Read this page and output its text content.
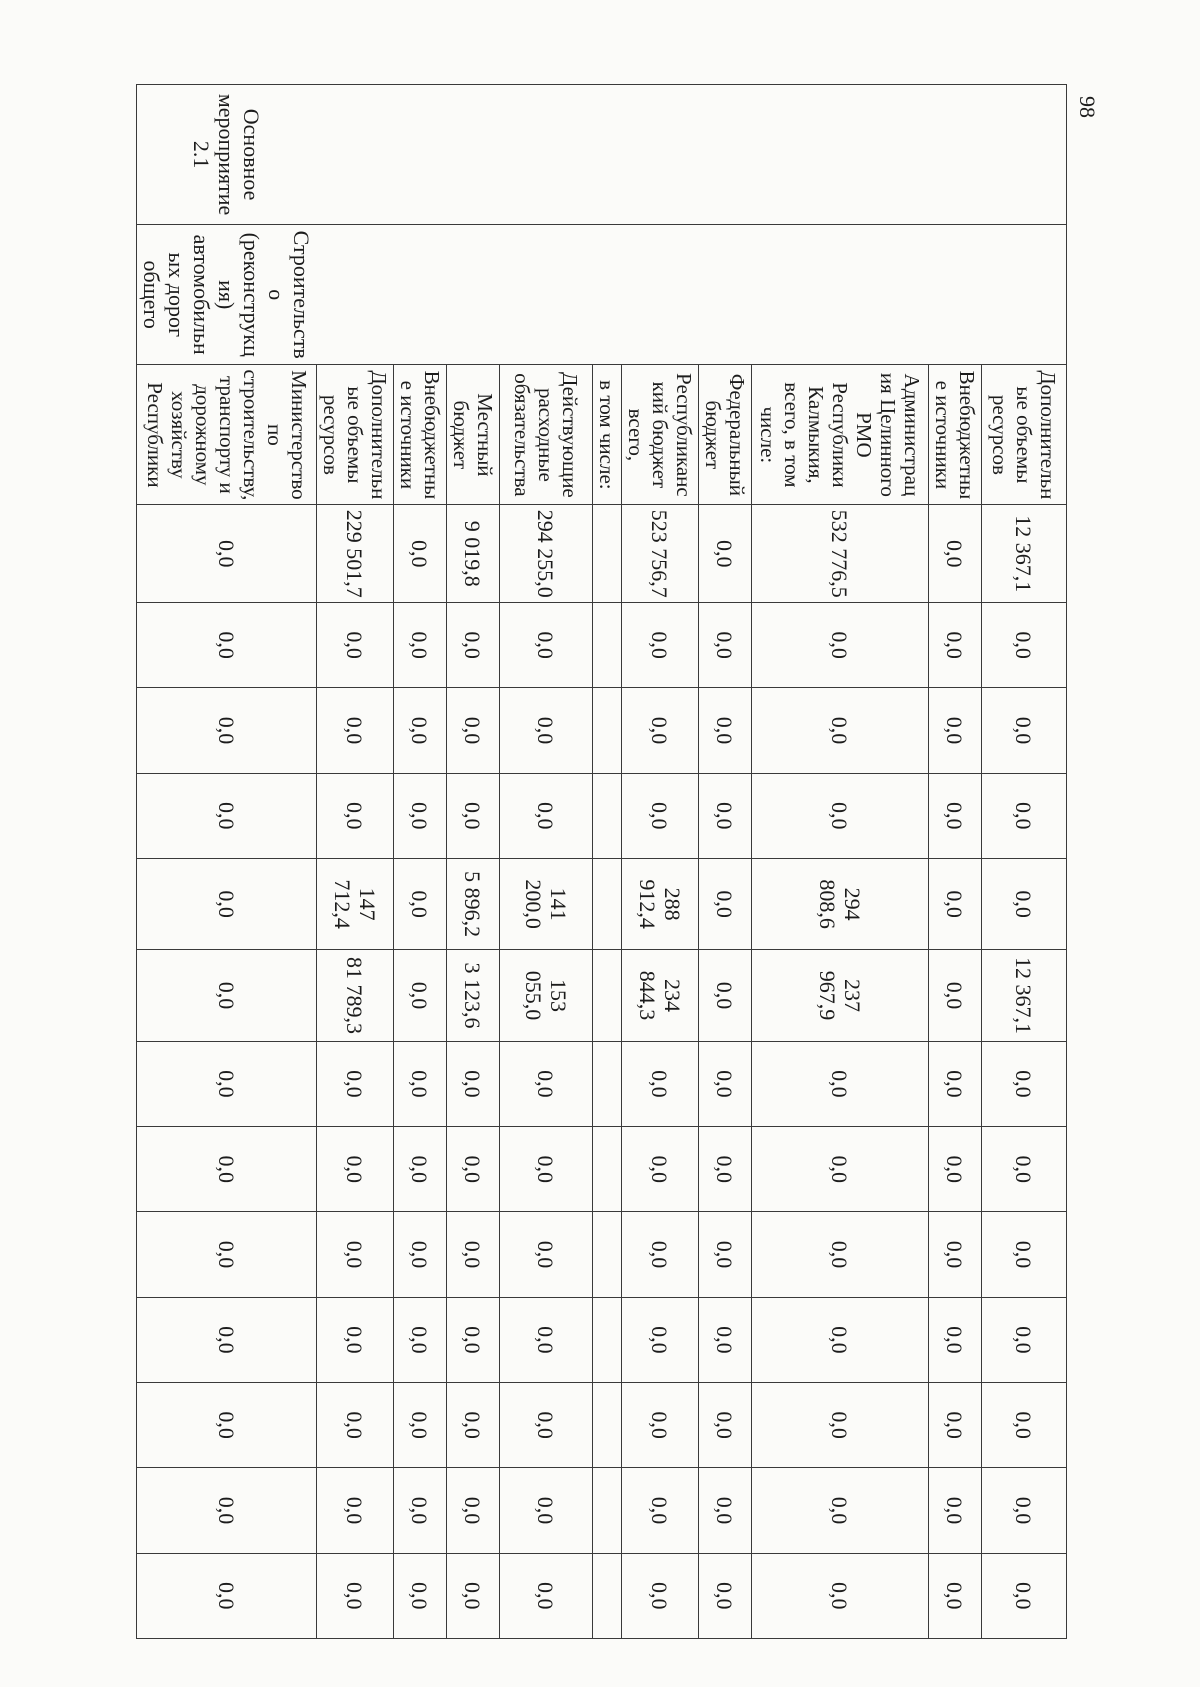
		Дополнительные объемы ресурсов	12 367,1	0,0	0,0	0,0	0,0	12 367,1	0,0	0,0	0,0	0,0	0,0	0,0	0,0
		Внебюджетные источники	0,0	0,0	0,0	0,0	0,0	0,0	0,0	0,0	0,0	0,0	0,0	0,0	0,0
		Администрация Целинного РМО Республики Калмыкия, всего, в том числе:	532 776,5	0,0	0,0	0,0	294 808,6	237 967,9	0,0	0,0	0,0	0,0	0,0	0,0	0,0
		Федеральный бюджет	0,0	0,0	0,0	0,0	0,0	0,0	0,0	0,0	0,0	0,0	0,0	0,0	0,0
		Республиканский бюджет всего,	523 756,7	0,0	0,0	0,0	288 912,4	234 844,3	0,0	0,0	0,0	0,0	0,0	0,0	0,0
		в том числе:													
		Действующие расходные обязательства	294 255,0	0,0	0,0	0,0	141 200,0	153 055,0	0,0	0,0	0,0	0,0	0,0	0,0	0,0
		Местный бюджет	9 019,8	0,0	0,0	0,0	5 896,2	3 123,6	0,0	0,0	0,0	0,0	0,0	0,0	0,0
		Внебюджетные источники	0,0	0,0	0,0	0,0	0,0	0,0	0,0	0,0	0,0	0,0	0,0	0,0	0,0
		Дополнительные объемы ресурсов	229 501,7	0,0	0,0	0,0	147 712,4	81 789,3	0,0	0,0	0,0	0,0	0,0	0,0	0,0
Основное мероприятие 2.1	Строительство (реконструкция) автомобильных дорог общего	Министерство по строительству, транспорту и дорожному хозяйству Республики	0,0	0,0	0,0	0,0	0,0	0,0	0,0	0,0	0,0	0,0	0,0	0,0	0,0
98
